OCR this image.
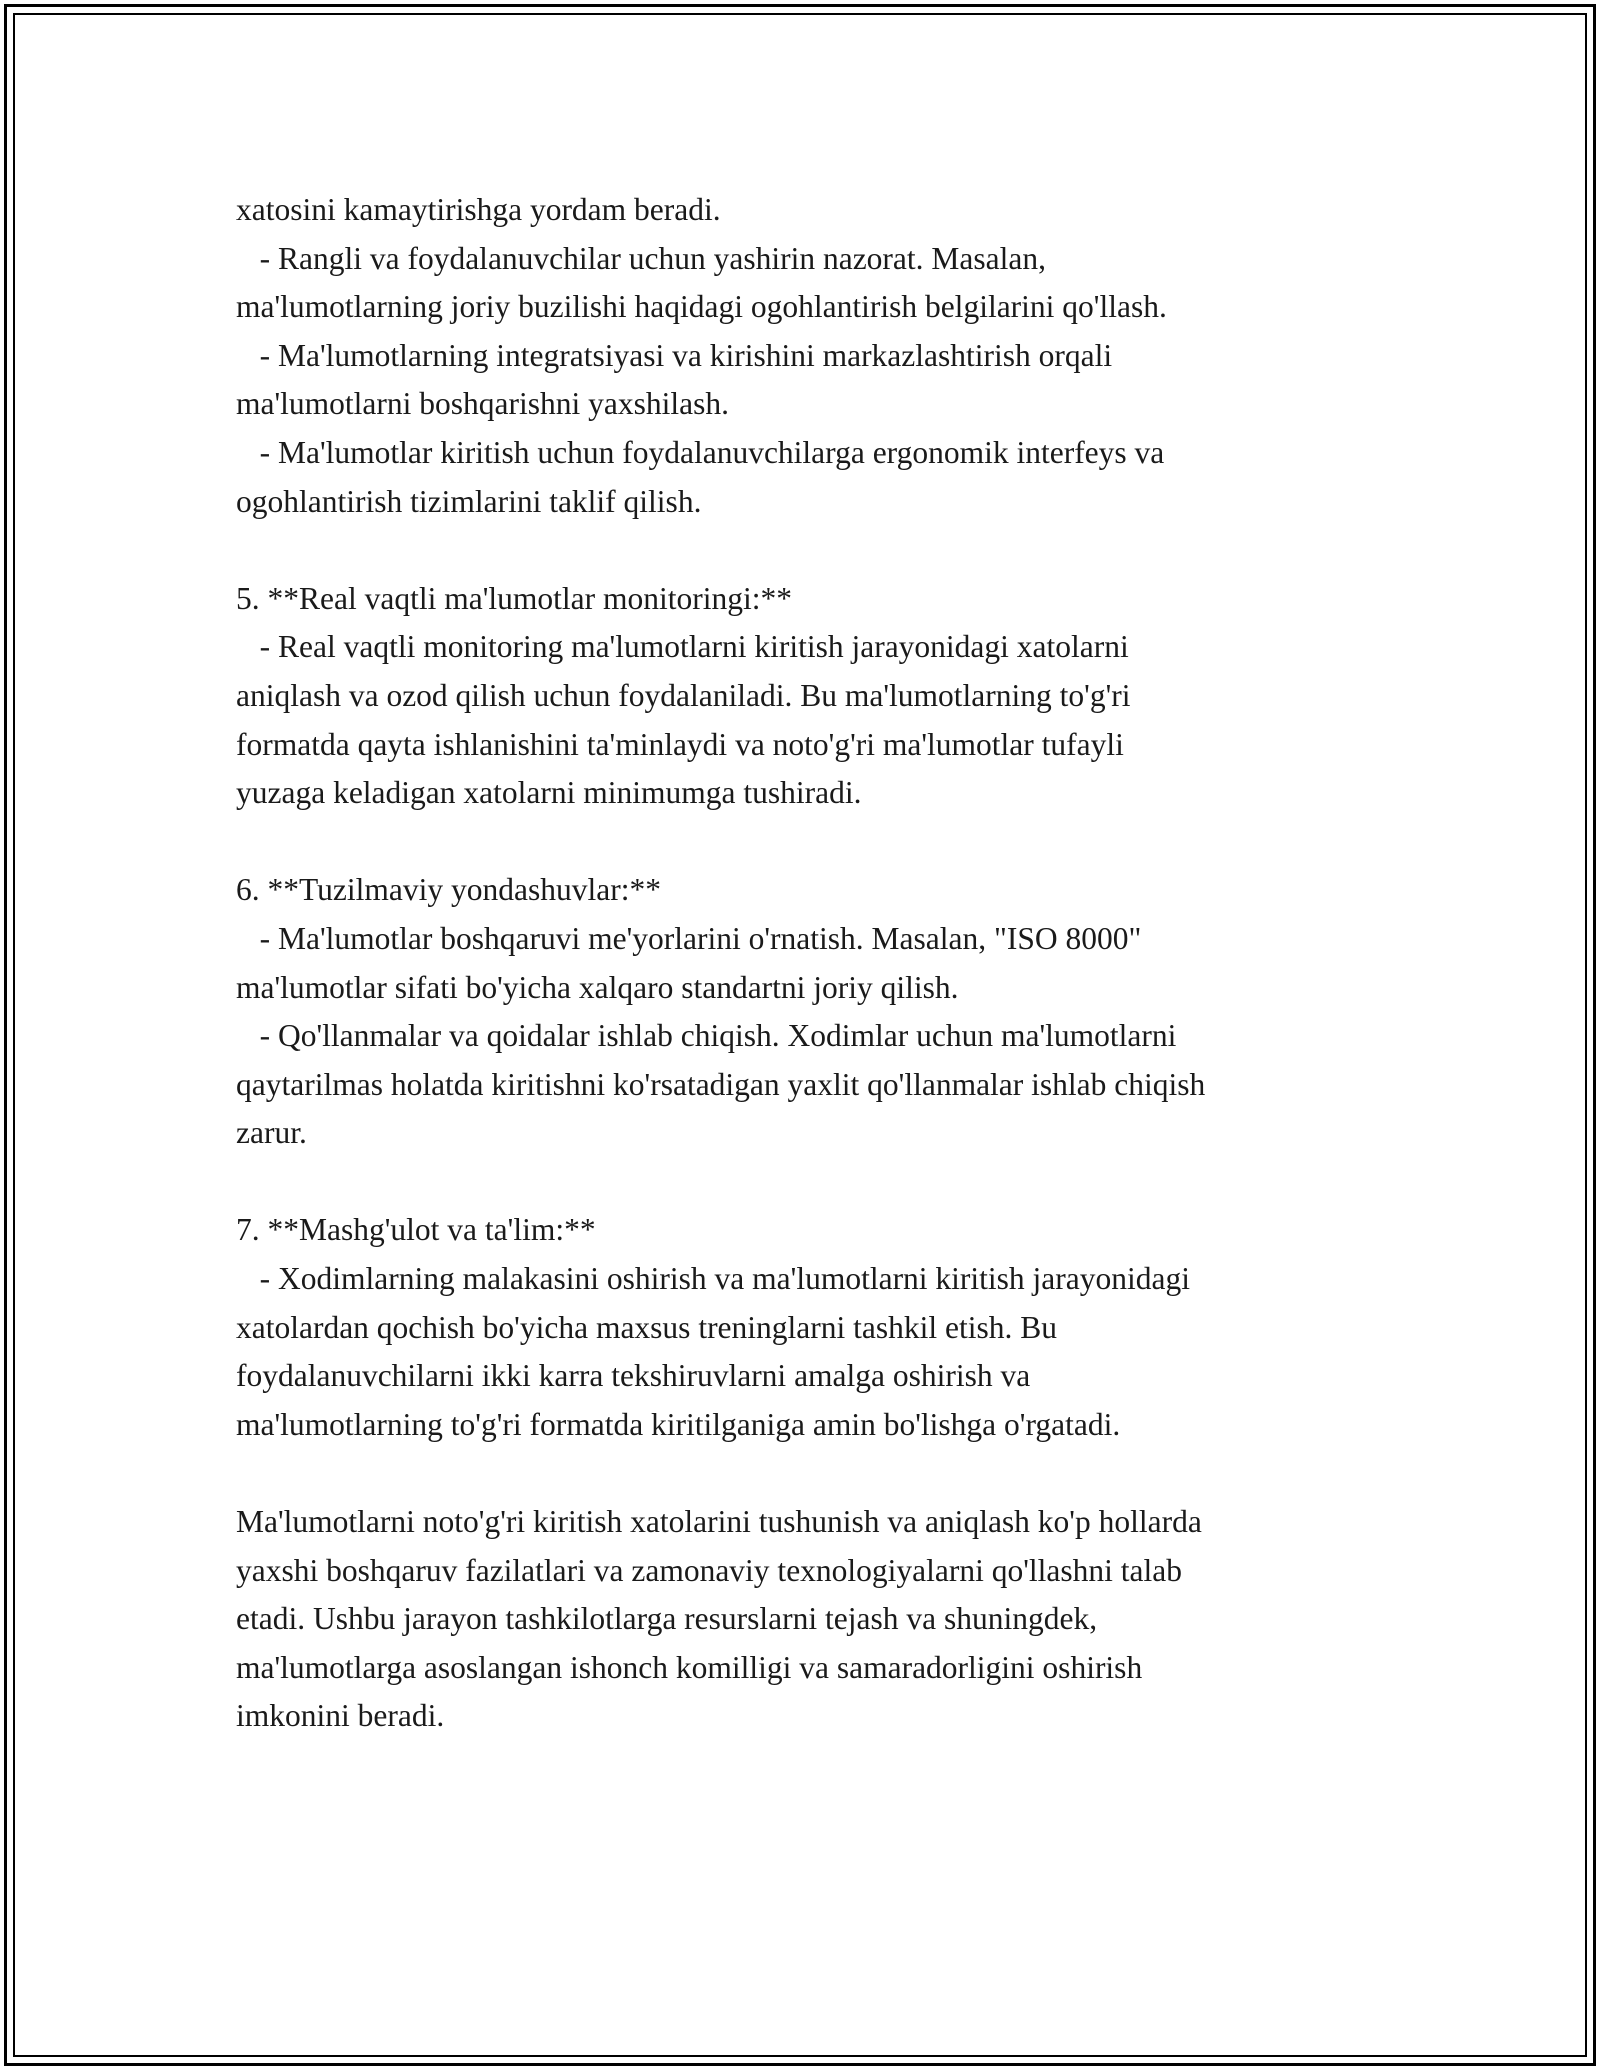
xatosini kamaytirishga yordam beradi.
- Rangli va foydalanuvchilar uchun yashirin nazorat. Masalan,
ma'lumotlarning joriy buzilishi haqidagi ogohlantirish belgilarini qo'llash.
- Ma'lumotlarning integratsiyasi va kirishini markazlashtirish orqali
ma'lumotlarni boshqarishni yaxshilash.
- Ma'lumotlar kiritish uchun foydalanuvchilarga ergonomik interfeys va
ogohlantirish tizimlarini taklif qilish.
5. **Real vaqtli ma'lumotlar monitoringi:**
- Real vaqtli monitoring ma'lumotlarni kiritish jarayonidagi xatolarni
aniqlash va ozod qilish uchun foydalaniladi. Bu ma'lumotlarning to'g'ri
formatda qayta ishlanishini ta'minlaydi va noto'g'ri ma'lumotlar tufayli
yuzaga keladigan xatolarni minimumga tushiradi.
6. **Tuzilmaviy yondashuvlar:**
- Ma'lumotlar boshqaruvi me'yorlarini o'rnatish. Masalan, "ISO 8000"
ma'lumotlar sifati bo'yicha xalqaro standartni joriy qilish.
- Qo'llanmalar va qoidalar ishlab chiqish. Xodimlar uchun ma'lumotlarni
qaytarilmas holatda kiritishni ko'rsatadigan yaxlit qo'llanmalar ishlab chiqish
zarur.
7. **Mashg'ulot va ta'lim:**
- Xodimlarning malakasini oshirish va ma'lumotlarni kiritish jarayonidagi
xatolardan qochish bo'yicha maxsus treninglarni tashkil etish. Bu
foydalanuvchilarni ikki karra tekshiruvlarni amalga oshirish va
ma'lumotlarning to'g'ri formatda kiritilganiga amin bo'lishga o'rgatadi.
Ma'lumotlarni noto'g'ri kiritish xatolarini tushunish va aniqlash ko'p hollarda
yaxshi boshqaruv fazilatlari va zamonaviy texnologiyalarni qo'llashni talab
etadi. Ushbu jarayon tashkilotlarga resurslarni tejash va shuningdek,
ma'lumotlarga asoslangan ishonch komilligi va samaradorligini oshirish
imkonini beradi.
